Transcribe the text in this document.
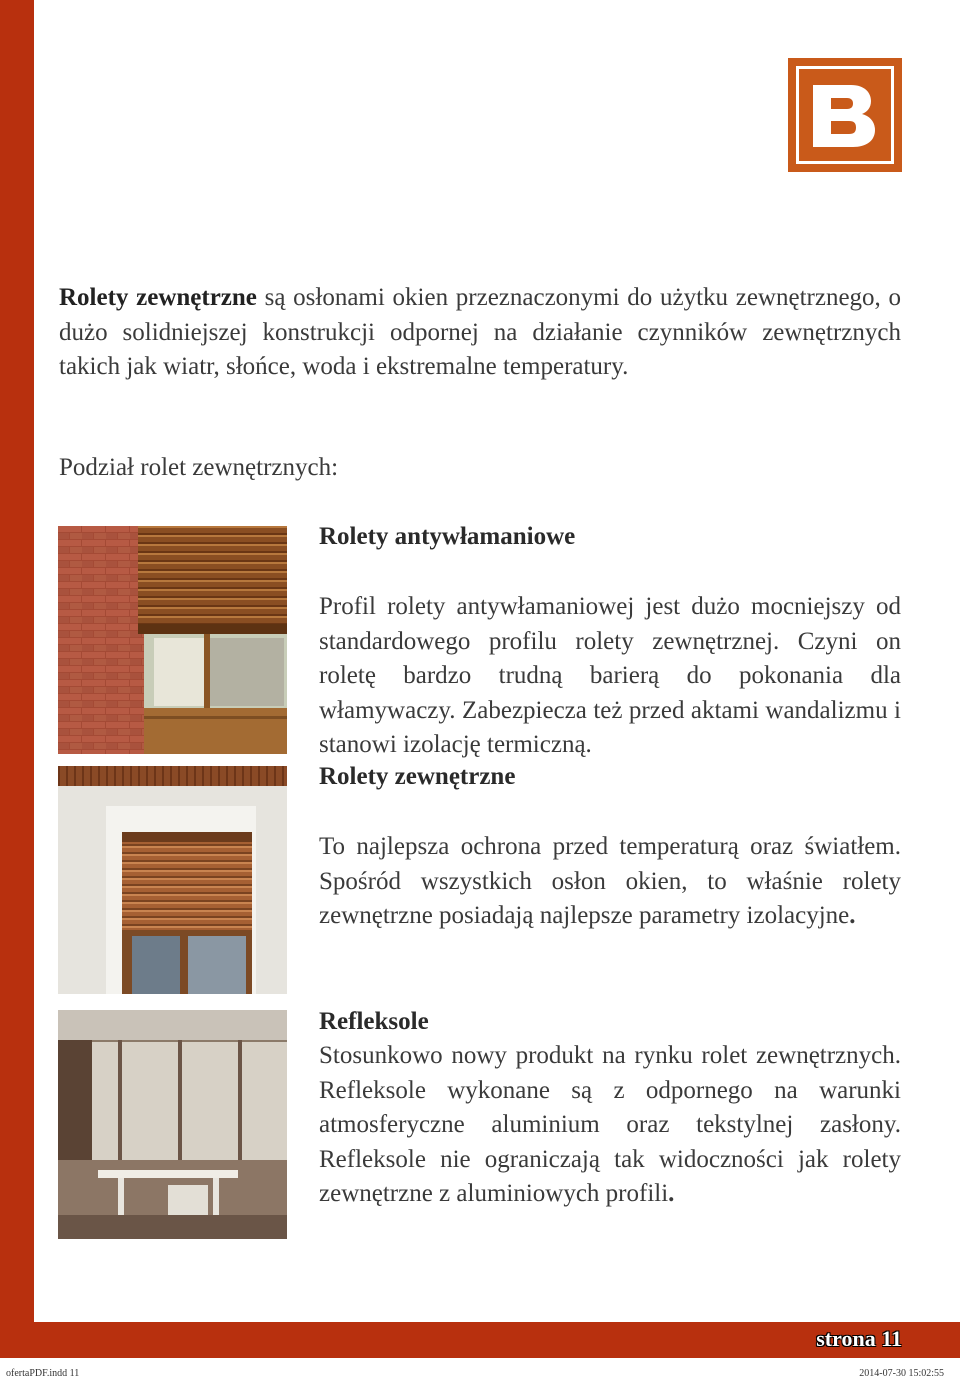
strona 11
ofertaPDF.indd 11	2014-07-30 15:02:55
Rolety zewnętrzne są osłonami okien przeznaczonymi do użytku zewnętrznego, o dużo solidniejszej konstrukcji odpornej na działanie czynników zewnętrznych takich jak wiatr, słońce, woda i ekstremalne temperatury.
Podział rolet zewnętrznych:
Rolety antywłamaniowe
Profil rolety antywłamaniowej jest dużo mocniejszy od standardowego profilu rolety zewnętrznej. Czyni on roletę bardzo trudną barierą do pokonania dla włamywaczy. Zabezpiecza też przed aktami wandalizmu i stanowi izolację termiczną.
Rolety zewnętrzne
To najlepsza ochrona przed temperaturą oraz światłem. Spośród wszystkich osłon okien, to właśnie rolety zewnętrzne posiadają najlepsze parametry izolacyjne.
Refleksole
Stosunkowo nowy produkt na rynku rolet zewnętrznych. Refleksole wykonane są z odpornego na warunki atmosferyczne aluminium oraz tekstylnej zasłony. Refleksole nie ograniczają tak widoczności jak rolety zewnętrzne z aluminiowych profili.
